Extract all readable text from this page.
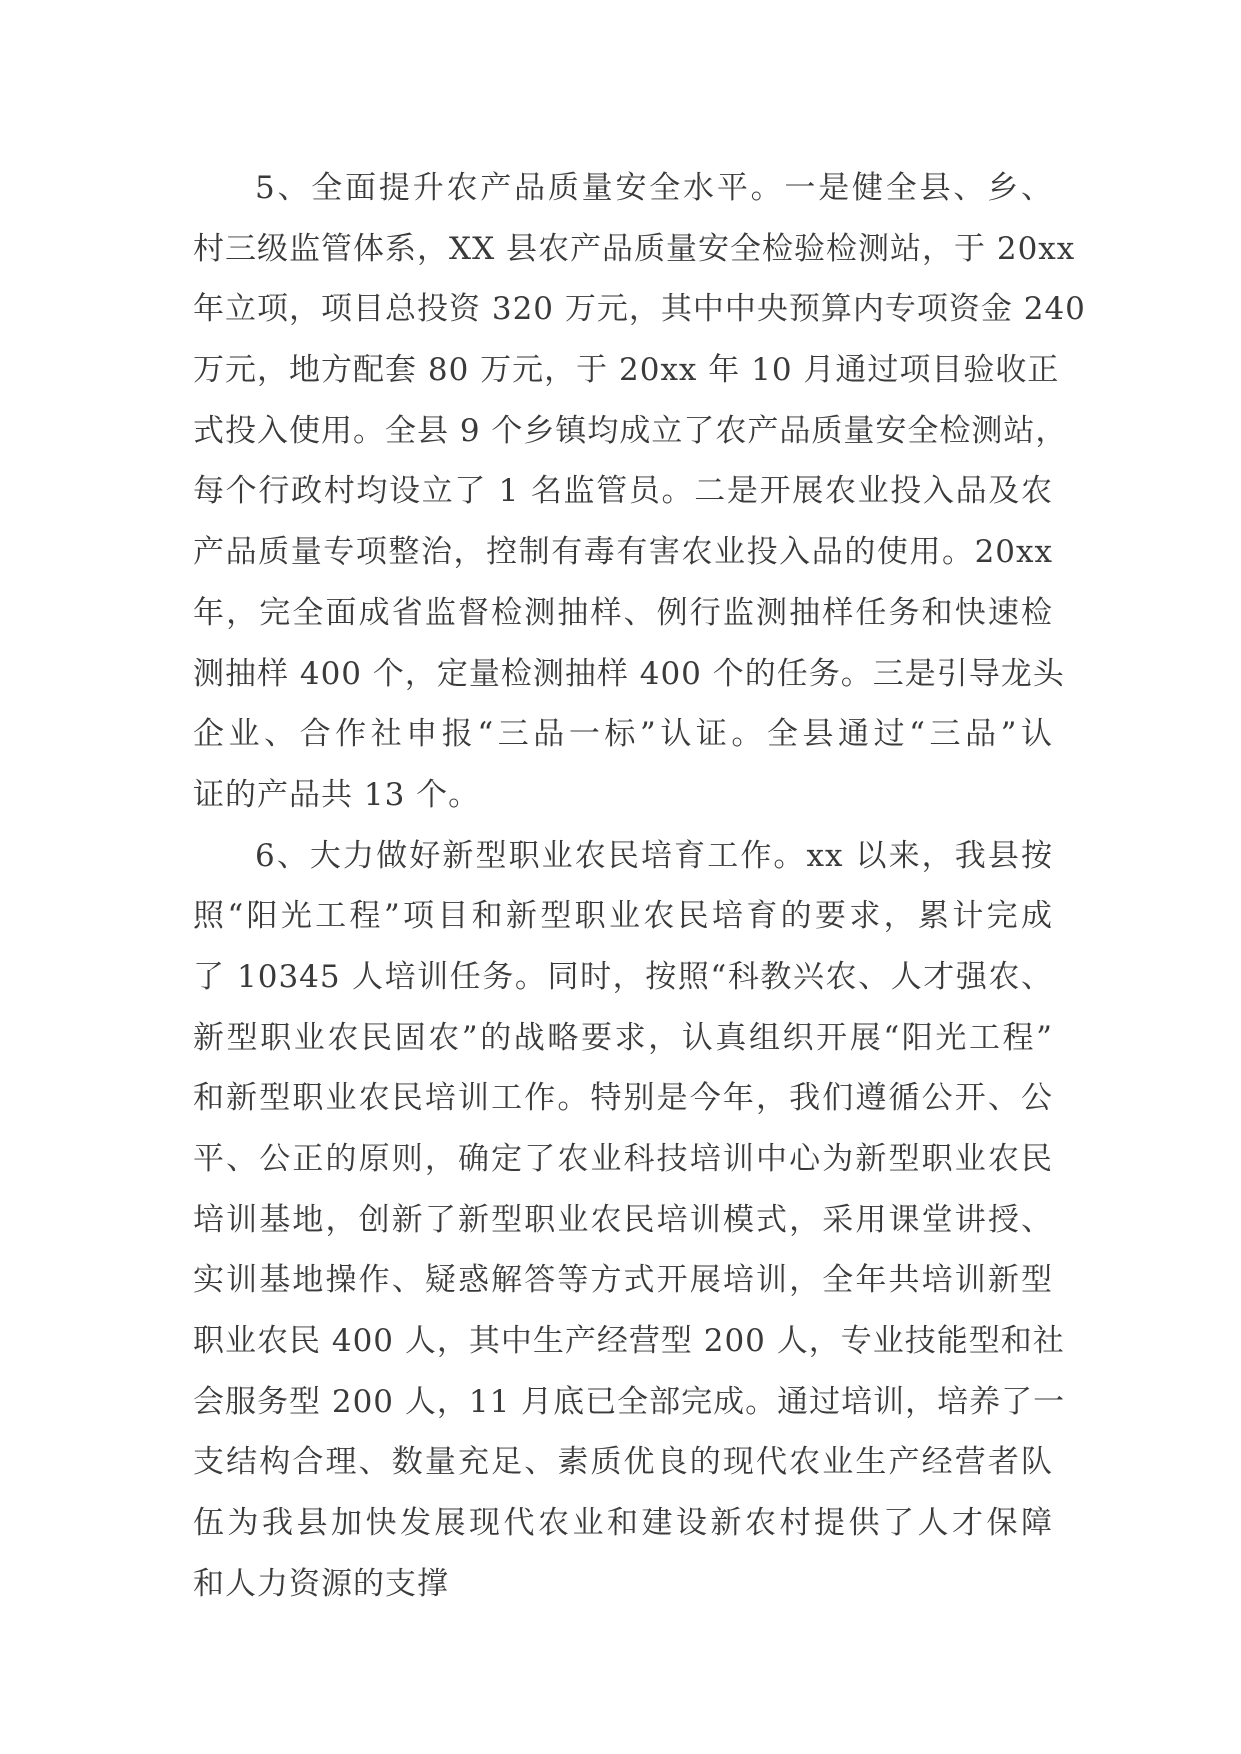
5、全面提升农产品质量安全水平。一是健全县、乡、
村三级监管体系，XX 县农产品质量安全检验检测站，于 20xx
年立项，项目总投资 320 万元，其中中央预算内专项资金 240
万元，地方配套 80 万元，于 20xx 年 10 月通过项目验收正
式投入使用。全县 9 个乡镇均成立了农产品质量安全检测站，
每个行政村均设立了 1 名监管员。二是开展农业投入品及农
产品质量专项整治，控制有毒有害农业投入品的使用。20xx
年，完全面成省监督检测抽样、例行监测抽样任务和快速检
测抽样 400 个，定量检测抽样 400 个的任务。三是引导龙头
企业、合作社申报“三品一标”认证。全县通过“三品”认
证的产品共 13 个。
6、大力做好新型职业农民培育工作。xx 以来，我县按
照“阳光工程”项目和新型职业农民培育的要求，累计完成
了 10345 人培训任务。同时，按照“科教兴农、人才强农、
新型职业农民固农”的战略要求，认真组织开展“阳光工程”
和新型职业农民培训工作。特别是今年，我们遵循公开、公
平、公正的原则，确定了农业科技培训中心为新型职业农民
培训基地，创新了新型职业农民培训模式，采用课堂讲授、
实训基地操作、疑惑解答等方式开展培训，全年共培训新型
职业农民 400 人，其中生产经营型 200 人，专业技能型和社
会服务型 200 人，11 月底已全部完成。通过培训，培养了一
支结构合理、数量充足、素质优良的现代农业生产经营者队
伍为我县加快发展现代农业和建设新农村提供了人才保障
和人力资源的支撑
